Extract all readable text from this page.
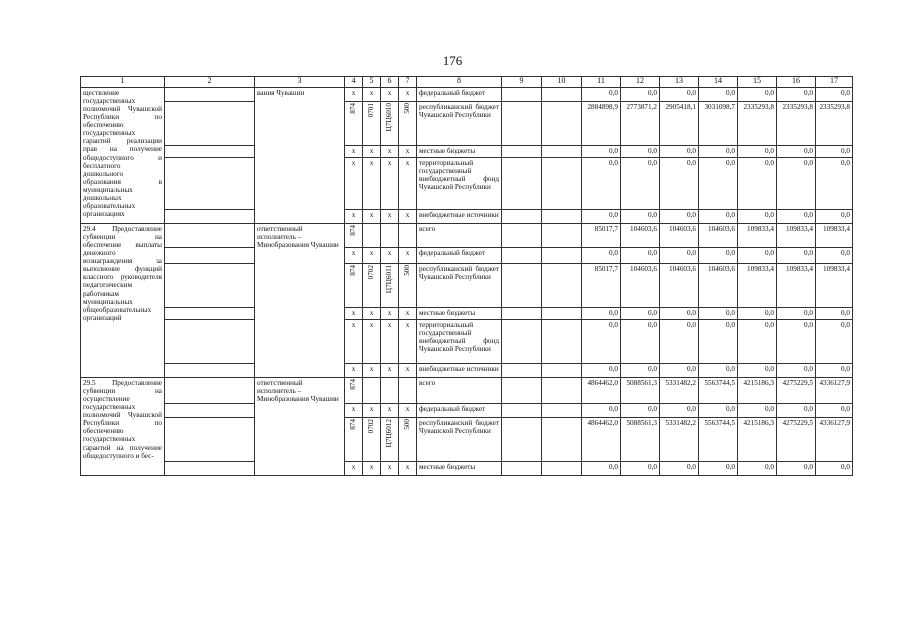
176
1	2	3	4	5	6	7	8	9	10	11	12	13	14	15	16	17
ществление государственных полномочий Чувашской Республики по обеспечению государственных гарантий реализации прав на получение общедоступного и бесплатного дошкольного образования в муниципальных дошкольных образовательных организациях		вания Чувашии	x	x	x	x	федеральный бюджет			0,0	0,0	0,0	0,0	0,0	0,0	0,0
			874	0701	Ц7Ц6010	500	республиканский бюджет Чувашской Республики			2884898,9	2773871,2	2905418,1	3031098,7	2335293,8	2335293,8	2335293,8
			x	x	x	x	местные бюджеты			0,0	0,0	0,0	0,0	0,0	0,0	0,0
			x	x	x	x	территориальный государственный внебюджетный фонд Чувашской Республики			0,0	0,0	0,0	0,0	0,0	0,0	0,0
			x	x	x	x	внебюджетные источники			0,0	0,0	0,0	0,0	0,0	0,0	0,0
29.4 Предоставление субвенции на обеспечение выплаты денежного вознаграждения за выполнение функций классного руководителя педагогическим работникам муниципальных общеобразовательных организаций		ответственный исполнитель – Минобразования Чувашии	874				всего			85017,7	104603,6	104603,6	104603,6	109833,4	109833,4	109833,4
			x	x	x	x	федеральный бюджет			0,0	0,0	0,0	0,0	0,0	0,0	0,0
			874	0702	Ц7Ц6011	500	республиканский бюджет Чувашской Республики			85017,7	104603,6	104603,6	104603,6	109833,4	109833,4	109833,4
			x	x	x	x	местные бюджеты			0,0	0,0	0,0	0,0	0,0	0,0	0,0
			x	x	x	x	территориальный государственный внебюджетный фонд Чувашской Республики			0,0	0,0	0,0	0,0	0,0	0,0	0,0
			x	x	x	x	внебюджетные источники			0,0	0,0	0,0	0,0	0,0	0,0	0,0
29.5 Предоставление субвенции на осуществление государственных полномочий Чувашской Республики по обеспечению государственных гарантий на получение общедоступного и бес-		ответственный исполнитель – Минобразования Чувашии	874				всего			4864462,0	5088561,3	5331482,2	5563744,5	4215186,3	4275229,5	4336127,9
			x	x	x	x	федеральный бюджет			0,0	0,0	0,0	0,0	0,0	0,0	0,0
			874	0702	Ц7Ц6012	500	республиканский бюджет Чувашской Республики			4864462,0	5088561,3	5331482,2	5563744,5	4215186,3	4275229,5	4336127,9
			x	x	x	x	местные бюджеты			0,0	0,0	0,0	0,0	0,0	0,0	0,0
